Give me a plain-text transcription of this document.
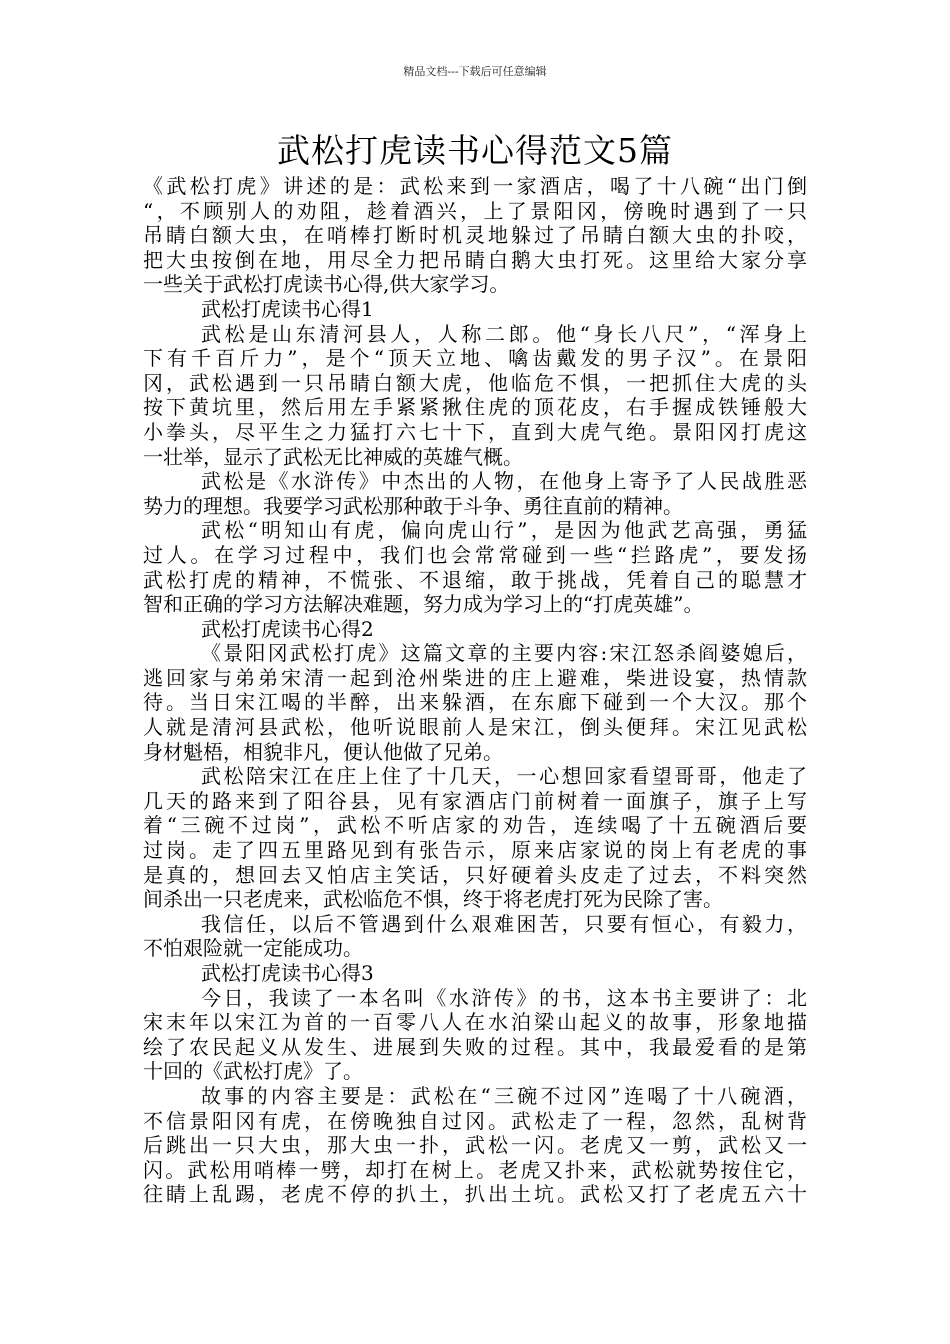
精品文档---下载后可任意编辑
武松打虎读书心得范文5篇
《武松打虎》讲述的是：武松来到一家酒店，喝了十八碗“出门倒
“，不顾别人的劝阻，趁着酒兴，上了景阳冈，傍晚时遇到了一只
吊睛白额大虫，在哨棒打断时机灵地躲过了吊睛白额大虫的扑咬，
把大虫按倒在地，用尽全力把吊睛白鹅大虫打死。这里给大家分享
一些关于武松打虎读书心得,供大家学习。
武松打虎读书心得1
武松是山东清河县人，人称二郎。他“身长八尺”，“浑身上
下有千百斤力”，是个“顶天立地、噙齿戴发的男子汉”。在景阳
冈，武松遇到一只吊睛白额大虎，他临危不惧，一把抓住大虎的头
按下黄坑里，然后用左手紧紧揪住虎的顶花皮，右手握成铁锤般大
小拳头，尽平生之力猛打六七十下，直到大虎气绝。景阳冈打虎这
一壮举，显示了武松无比神威的英雄气概。
武松是《水浒传》中杰出的人物，在他身上寄予了人民战胜恶
势力的理想。我要学习武松那种敢于斗争、勇往直前的精神。
武松“明知山有虎，偏向虎山行”，是因为他武艺高强，勇猛
过人。在学习过程中，我们也会常常碰到一些“拦路虎”，要发扬
武松打虎的精神，不慌张、不退缩，敢于挑战，凭着自己的聪慧才
智和正确的学习方法解决难题，努力成为学习上的“打虎英雄”。
武松打虎读书心得2
《景阳冈武松打虎》这篇文章的主要内容:宋江怒杀阎婆媳后，
逃回家与弟弟宋清一起到沧州柴进的庄上避难，柴进设宴，热情款
待。当日宋江喝的半醉，出来躲酒，在东廊下碰到一个大汉。那个
人就是清河县武松，他听说眼前人是宋江，倒头便拜。宋江见武松
身材魁梧，相貌非凡，便认他做了兄弟。
武松陪宋江在庄上住了十几天，一心想回家看望哥哥，他走了
几天的路来到了阳谷县，见有家酒店门前树着一面旗子，旗子上写
着“三碗不过岗”，武松不听店家的劝告，连续喝了十五碗酒后要
过岗。走了四五里路见到有张告示，原来店家说的岗上有老虎的事
是真的，想回去又怕店主笑话，只好硬着头皮走了过去，不料突然
间杀出一只老虎来，武松临危不惧，终于将老虎打死为民除了害。
我信任，以后不管遇到什么艰难困苦，只要有恒心，有毅力，
不怕艰险就一定能成功。
武松打虎读书心得3
今日，我读了一本名叫《水浒传》的书，这本书主要讲了：北
宋末年以宋江为首的一百零八人在水泊梁山起义的故事，形象地描
绘了农民起义从发生、进展到失败的过程。其中，我最爱看的是第
十回的《武松打虎》了。
故事的内容主要是：武松在“三碗不过冈”连喝了十八碗酒，
不信景阳冈有虎，在傍晚独自过冈。武松走了一程，忽然，乱树背
后跳出一只大虫，那大虫一扑，武松一闪。老虎又一剪，武松又一
闪。武松用哨棒一劈，却打在树上。老虎又扑来，武松就势按住它，
往睛上乱踢，老虎不停的扒土，扒出土坑。武松又打了老虎五六十
